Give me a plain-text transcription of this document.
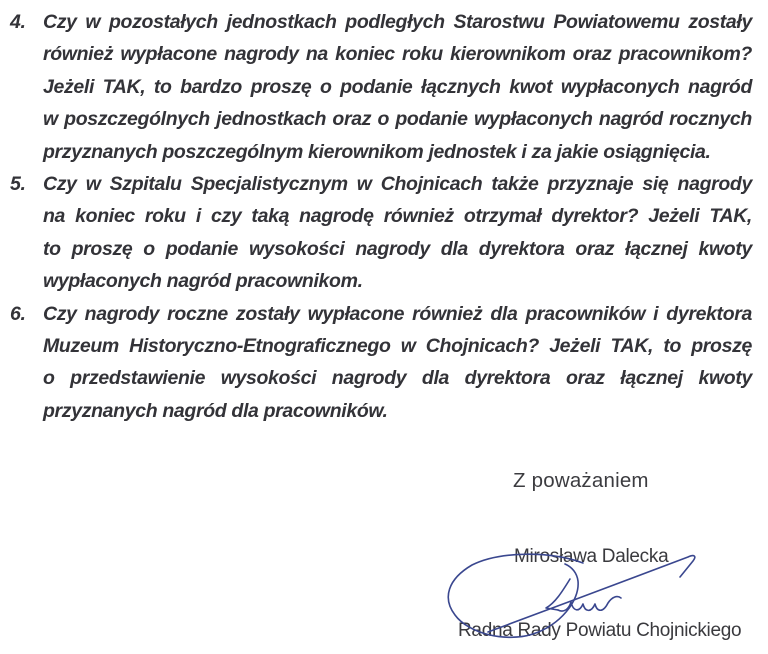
4. Czy w pozostałych jednostkach podległych Starostwu Powiatowemu zostały
również wypłacone nagrody na koniec roku kierownikom oraz pracownikom?
Jeżeli TAK, to bardzo proszę o podanie łącznych kwot wypłaconych nagród
w poszczególnych jednostkach oraz o podanie wypłaconych nagród rocznych
przyznanych poszczególnym kierownikom jednostek i za jakie osiągnięcia.
5. Czy w Szpitalu Specjalistycznym w Chojnicach także przyznaje się nagrody
na koniec roku i czy taką nagrodę również otrzymał dyrektor? Jeżeli TAK,
to proszę o podanie wysokości nagrody dla dyrektora oraz łącznej kwoty
wypłaconych nagród pracownikom.
6. Czy nagrody roczne zostały wypłacone również dla pracowników i dyrektora
Muzeum Historyczno-Etnograficznego w Chojnicach? Jeżeli TAK, to proszę
o przedstawienie wysokości nagrody dla dyrektora oraz łącznej kwoty
przyznanych nagród dla pracowników.
Z poważaniem
Mirosława Dalecka
Radna Rady Powiatu Chojnickiego
